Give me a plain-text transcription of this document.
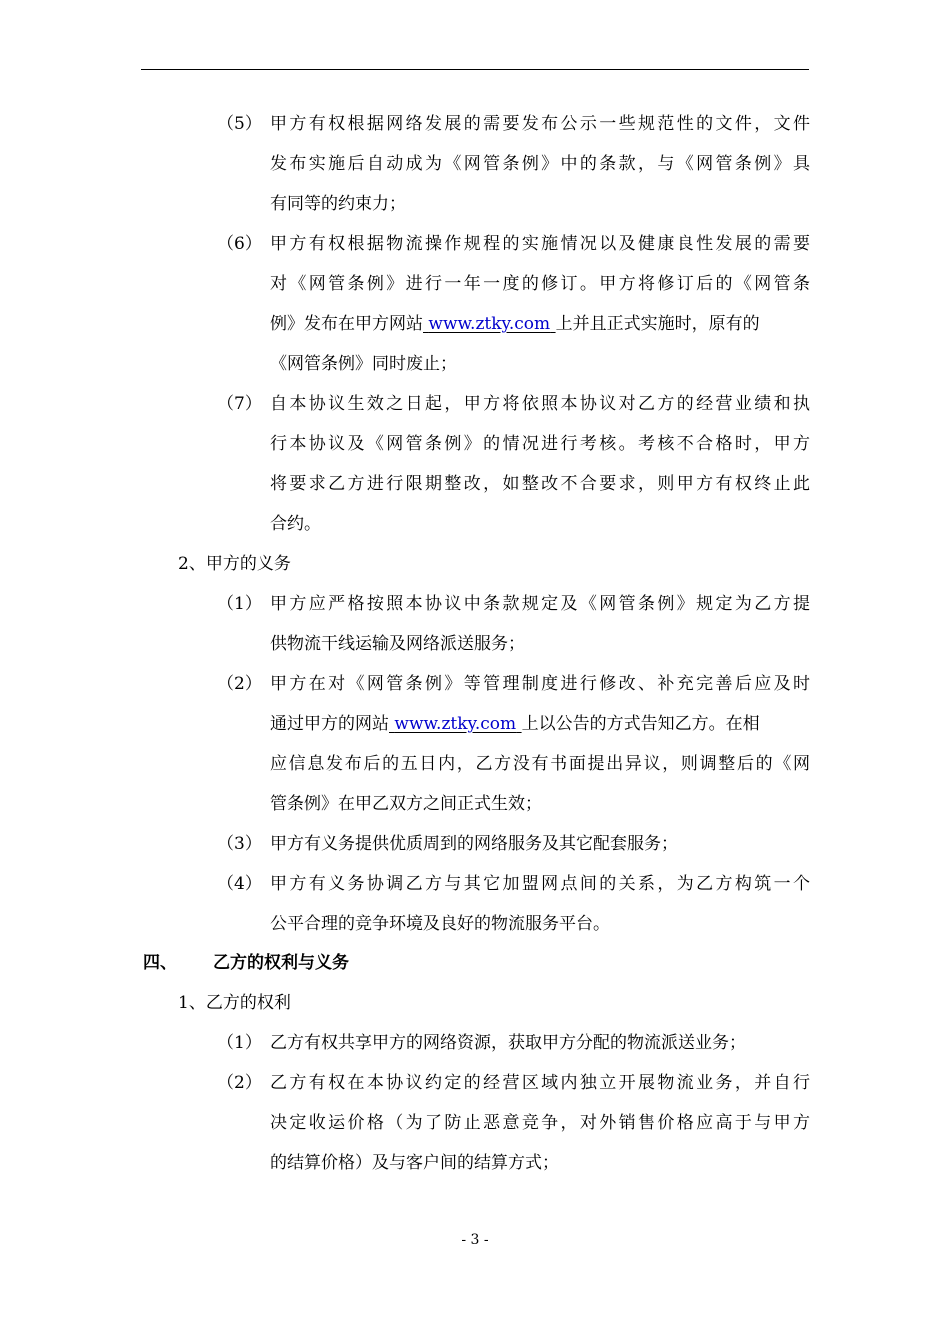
（5） 甲方有权根据网络发展的需要发布公示一些规范性的文件，文件
发布实施后自动成为《网管条例》中的条款，与《网管条例》具
有同等的约束力；
（6） 甲方有权根据物流操作规程的实施情况以及健康良性发展的需要
对《网管条例》进行一年一度的修订。甲方将修订后的《网管条
例》发布在甲方网站 www.ztky.com 上并且正式实施时，原有的
《网管条例》同时废止；
（7） 自本协议生效之日起，甲方将依照本协议对乙方的经营业绩和执
行本协议及《网管条例》的情况进行考核。考核不合格时，甲方
将要求乙方进行限期整改，如整改不合要求，则甲方有权终止此
合约。
2、甲方的义务
（1） 甲方应严格按照本协议中条款规定及《网管条例》规定为乙方提
供物流干线运输及网络派送服务；
（2） 甲方在对《网管条例》等管理制度进行修改、补充完善后应及时
通过甲方的网站 www.ztky.com 上以公告的方式告知乙方。在相
应信息发布后的五日内，乙方没有书面提出异议，则调整后的《网
管条例》在甲乙双方之间正式生效；
（3） 甲方有义务提供优质周到的网络服务及其它配套服务；
（4） 甲方有义务协调乙方与其它加盟网点间的关系，为乙方构筑一个
公平合理的竞争环境及良好的物流服务平台。
四、 乙方的权利与义务
1、乙方的权利
（1） 乙方有权共享甲方的网络资源，获取甲方分配的物流派送业务；
（2） 乙方有权在本协议约定的经营区域内独立开展物流业务，并自行
决定收运价格（为了防止恶意竞争，对外销售价格应高于与甲方
的结算价格）及与客户间的结算方式；
- 3 -
